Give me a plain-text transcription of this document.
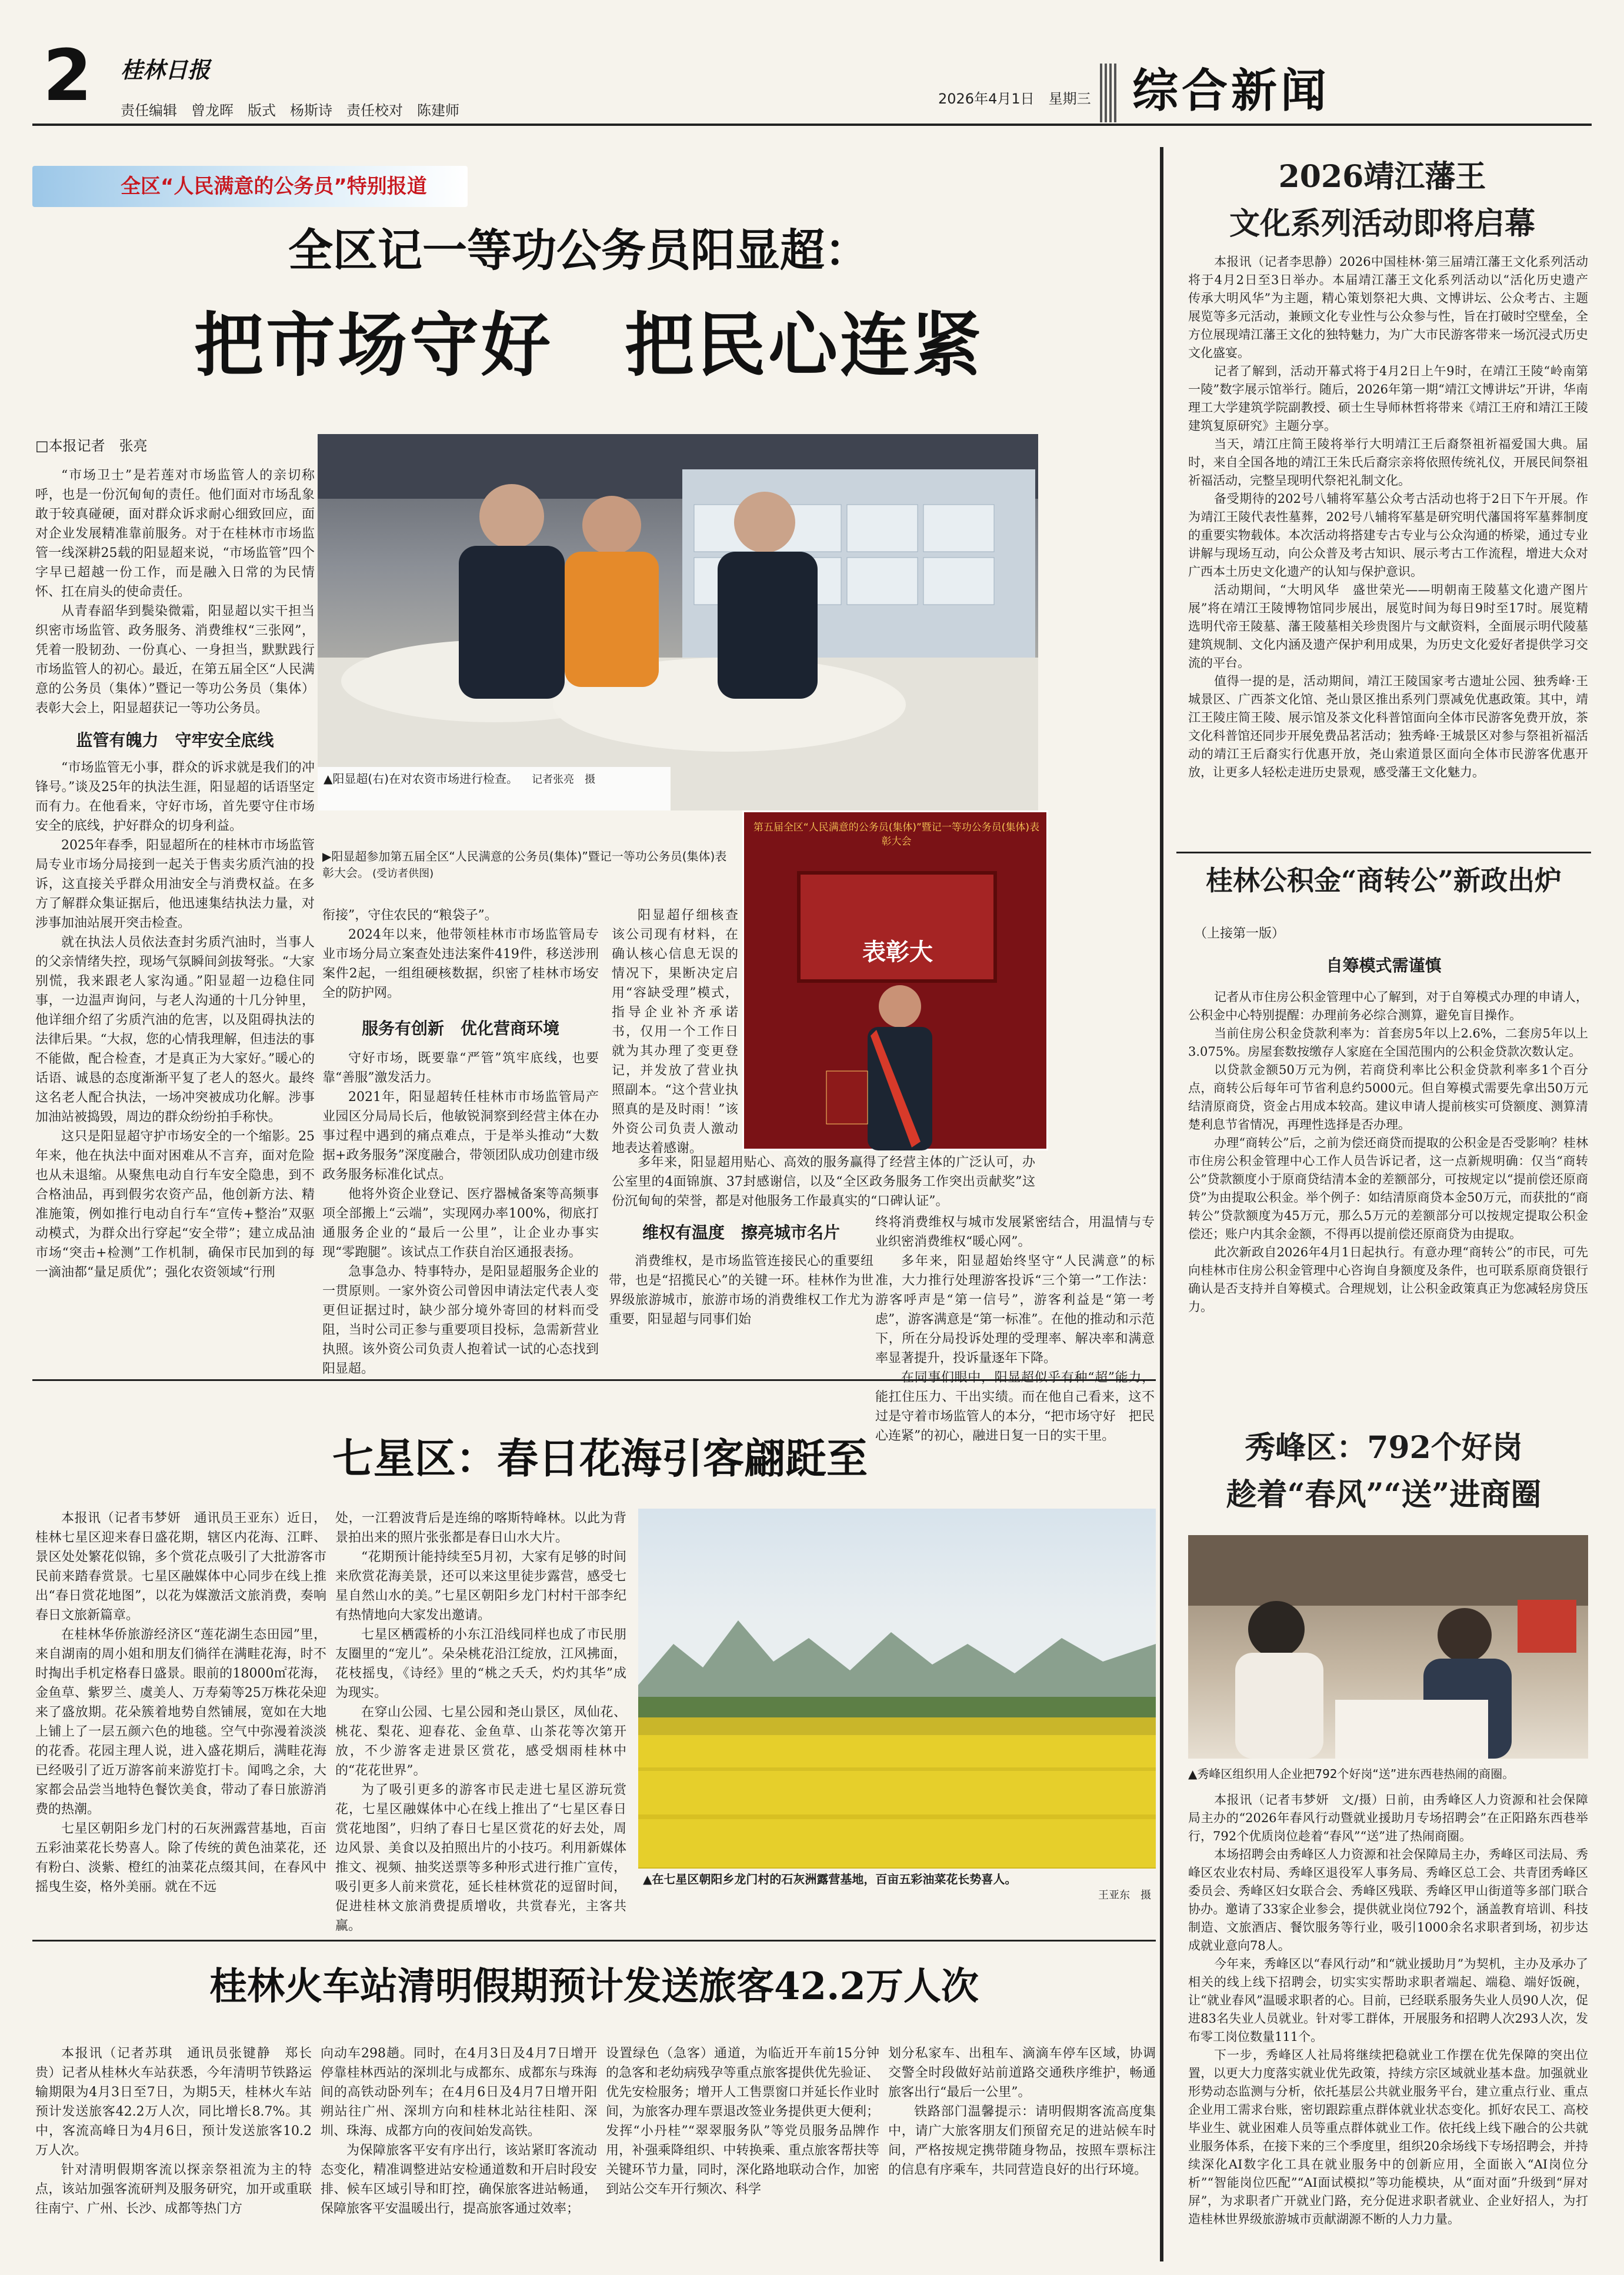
2 桂林日报
责任编辑　曾龙晖　版式　杨斯诗　责任校对　陈建师
2026年4月1日　星期三 综合新闻
全区“人民满意的公务员”特别报道
全区记一等功公务员阳显超：
把市场守好　把民心连紧
□本报记者　张亮

“市场卫士”是若莲对市场监管人的亲切称呼，也是一份沉甸甸的责任。他们面对市场乱象敢于较真碰硬，面对群众诉求耐心细致回应，面对企业发展精准靠前服务。对于在桂林市市场监管一线深耕25载的阳显超来说，“市场监管”四个字早已超越一份工作，而是融入日常的为民情怀、扛在肩头的使命责任。

从青春韶华到鬓染微霜，阳显超以实干担当织密市场监管、政务服务、消费维权“三张网”，凭着一股韧劲、一份真心、一身担当，默默践行市场监管人的初心。最近，在第五届全区“人民满意的公务员（集体）”暨记一等功公务员（集体）表彰大会上，阳显超获记一等功公务员。

监管有魄力　守牢安全底线

“市场监管无小事，群众的诉求就是我们的冲锋号。”谈及25年的执法生涯，阳显超的话语坚定而有力。在他看来，守好市场，首先要守住市场安全的底线，护好群众的切身利益。

2025年春季，阳显超所在的桂林市市场监管局专业市场分局接到一起关于售卖劣质汽油的投诉，这直接关乎群众用油安全与消费权益。在多方了解群众集证据后，他迅速集结执法力量，对涉事加油站展开突击检查。

就在执法人员依法查封劣质汽油时，当事人的父亲情绪失控，现场气氛瞬间剑拔弩张。“大家别慌，我来跟老人家沟通。”阳显超一边稳住同事，一边温声询问，与老人沟通的十几分钟里，他详细介绍了劣质汽油的危害，以及阻碍执法的法律后果。“大叔，您的心情我理解，但违法的事不能做，配合检查，才是真正为大家好。”暖心的话语、诚恳的态度渐渐平复了老人的怒火。最终这名老人配合执法，一场冲突被成功化解。涉事加油站被捣毁，周边的群众纷纷拍手称快。

这只是阳显超守护市场安全的一个缩影。25年来，他在执法中面对困难从不言弃，面对危险也从未退缩。从聚焦电动自行车安全隐患，到不合格油品，再到假劣农资产品，他创新方法、精准施策，例如推行电动自行车“宣传+整治”双驱动模式，为群众出行穿起“安全带”；建立成品油市场“突击+检测”工作机制，确保市民加到的每一滴油都“量足质优”；强化农资领域“行刑

▲阳显超(右)在对农资市场进行检查。 记者张亮　摄
▶阳显超参加第五届全区“人民满意的公务员(集体)”暨记一等功公务员(集体)表彰大会。 (受访者供图)
第五届全区“人民满意的公务员(集体)”暨记一等功公务员(集体)表彰大会
表彰大

衔接”，守住农民的“粮袋子”。

2024年以来，他带领桂林市市场监管局专业市场分局立案查处违法案件419件，移送涉刑案件2起，一组组硬核数据，织密了桂林市场安全的防护网。

服务有创新　优化营商环境

守好市场，既要靠“严管”筑牢底线，也要靠“善服”激发活力。

2021年，阳显超转任桂林市市场监管局产业园区分局局长后，他敏锐洞察到经营主体在办事过程中遇到的痛点难点，于是举头推动“大数据+政务服务”深度融合，带领团队成功创建市级政务服务标准化试点。

他将外资企业登记、医疗器械备案等高频事项全部搬上“云端”，实现网办率100%，彻底打通服务企业的“最后一公里”，让企业办事实现“零跑腿”。该试点工作获自治区通报表扬。

急事急办、特事特办，是阳显超服务企业的一贯原则。一家外资公司曾因申请法定代表人变更但证据过时，缺少部分境外寄回的材料而受阻，当时公司正参与重要项目投标，急需新营业执照。该外资公司负责人抱着试一试的心态找到阳显超。

阳显超仔细核查该公司现有材料，在确认核心信息无误的情况下，果断决定启用“容缺受理”模式，指导企业补齐承诺书，仅用一个工作日就为其办理了变更登记，并发放了营业执照副本。“这个营业执照真的是及时雨！”该外资公司负责人激动地表达着感谢。

多年来，阳显超用贴心、高效的服务赢得了经营主体的广泛认可，办公室里的4面锦旗、37封感谢信，以及“全区政务服务工作突出贡献奖”这份沉甸甸的荣誉，都是对他服务工作最真实的“口碑认证”。

维权有温度　擦亮城市名片

消费维权，是市场监管连接民心的重要纽带，也是“招揽民心”的关键一环。桂林作为世界级旅游城市，旅游市场的消费维权工作尤为重要，阳显超与同事们始

七星区：春日花海引客翩跹至

本报讯（记者韦梦妍　通讯员王亚东）近日，桂林七星区迎来春日盛花期，辖区内花海、江畔、景区处处繁花似锦，多个赏花点吸引了大批游客市民前来踏春赏景。七星区融媒体中心同步在线上推出“春日赏花地图”，以花为媒激活文旅消费，奏响春日文旅新篇章。

在桂林华侨旅游经济区“莲花湖生态田园”里，来自湖南的周小姐和朋友们徜徉在满畦花海，时不时掏出手机定格春日盛景。眼前的18000㎡花海，金鱼草、紫罗兰、虞美人、万寿菊等25万株花朵迎来了盛放期。花朵簇着地势自然铺展，宽如在大地上铺上了一层五颜六色的地毯。空气中弥漫着淡淡的花香。花园主理人说，进入盛花期后，满畦花海已经吸引了近万游客前来游览打卡。闻鸣之余，大家都会品尝当地特色餐饮美食，带动了春日旅游消费的热潮。

七星区朝阳乡龙门村的石灰洲露营基地，百亩五彩油菜花长势喜人。除了传统的黄色油菜花，还有粉白、淡紫、橙红的油菜花点缀其间，在春风中摇曳生姿，格外美丽。就在不远

处，一江碧波背后是连绵的喀斯特峰林。以此为背景拍出来的照片张张都是春日山水大片。

“花期预计能持续至5月初，大家有足够的时间来欣赏花海美景，还可以来这里徒步露营，感受七星自然山水的美。”七星区朝阳乡龙门村村干部李纪有热情地向大家发出邀请。

七星区栖霞桥的小东江沿线同样也成了市民朋友圈里的“宠儿”。朵朵桃花沿江绽放，江风拂面，花枝摇曳，《诗经》里的“桃之夭夭，灼灼其华”成为现实。

在穿山公园、七星公园和尧山景区，凤仙花、桃花、梨花、迎春花、金鱼草、山茶花等次第开放，不少游客走进景区赏花，感受烟雨桂林中的“花花世界”。

为了吸引更多的游客市民走进七星区游玩赏花，七星区融媒体中心在线上推出了“七星区春日赏花地图”，归纳了春日七星区赏花的好去处，周边风景、美食以及拍照出片的小技巧。利用新媒体推文、视频、抽奖送票等多种形式进行推广宣传，吸引更多人前来赏花，延长桂林赏花的逗留时间，促进桂林文旅消费提质增收，共赏春光，主客共赢。

▲在七星区朝阳乡龙门村的石灰洲露营基地，百亩五彩油菜花长势喜人。
王亚东　摄
桂林火车站清明假期预计发送旅客42.2万人次

本报讯（记者苏琪　通讯员张键静　郑长贵）记者从桂林火车站获悉，今年清明节铁路运输期限为4月3日至7日，为期5天，桂林火车站预计发送旅客42.2万人次，同比增长8.7%。其中，客流高峰日为4月6日，预计发送旅客10.2万人次。

针对清明假期客流以探亲祭祖流为主的特点，该站加强客流研判及服务研究，加开或重联往南宁、广州、长沙、成都等热门方

向动车298趟。同时，在4月3日及4月7日增开停靠桂林西站的深圳北与成都东、成都东与珠海间的高铁动卧列车；在4月6日及4月7日增开阳朔站往广州、深圳方向和桂林北站往桂阳、深圳、珠海、成都方向的夜间始发高铁。

为保障旅客平安有序出行，该站紧盯客流动态变化，精准调整进站安检通道数和开启时段安排、候车区域引导和盯控，确保旅客进站畅通，保障旅客平安温暖出行，提高旅客通过效率；

设置绿色（急客）通道，为临近开车前15分钟的急客和老幼病残孕等重点旅客提供优先验证、优先安检服务；增开人工售票窗口并延长作业时间，为旅客办理车票退改签业务提供更大便利；发挥“小丹桂”“翠翠服务队”等党员服务品牌作用，补强乘降组织、中转换乘、重点旅客帮扶等关键环节力量，同时，深化路地联动合作，加密到站公交车开行频次、科学

划分私家车、出租车、滴滴车停车区域，协调交警全时段做好站前道路交通秩序维护，畅通旅客出行“最后一公里”。

铁路部门温馨提示：请明假期客流高度集中，请广大旅客朋友们预留充足的进站候车时间，严格按规定携带随身物品，按照车票标注的信息有序乘车，共同营造良好的出行环境。

2026靖江藩王
文化系列活动即将启幕

本报讯（记者李思静）2026中国桂林·第三届靖江藩王文化系列活动将于4月2日至3日举办。本届靖江藩王文化系列活动以“活化历史遗产　传承大明风华”为主题，精心策划祭祀大典、文博讲坛、公众考古、主题展览等多元活动，兼顾文化专业性与公众参与性，旨在打破时空壁垒，全方位展现靖江藩王文化的独特魅力，为广大市民游客带来一场沉浸式历史文化盛宴。

记者了解到，活动开幕式将于4月2日上午9时，在靖江王陵“岭南第一陵”数字展示馆举行。随后，2026年第一期“靖江文博讲坛”开讲，华南理工大学建筑学院副教授、硕士生导师林哲将带来《靖江王府和靖江王陵建筑复原研究》主题分享。

当天，靖江庄简王陵将举行大明靖江王后裔祭祖祈福爱国大典。届时，来自全国各地的靖江王朱氏后裔宗亲将依照传统礼仪，开展民间祭祖祈福活动，完整呈现明代祭祀礼制文化。

备受期待的202号八辅将军墓公众考古活动也将于2日下午开展。作为靖江王陵代表性墓葬，202号八辅将军墓是研究明代藩国将军墓葬制度的重要实物载体。本次活动将搭建专古专业与公众沟通的桥梁，通过专业讲解与现场互动，向公众普及考古知识、展示考古工作流程，增进大众对广西本土历史文化遗产的认知与保护意识。

活动期间，“大明风华　盛世荣光——明朝南王陵墓文化遗产图片展”将在靖江王陵博物馆同步展出，展览时间为每日9时至17时。展览精选明代帝王陵墓、藩王陵墓相关珍贵图片与文献资料，全面展示明代陵墓建筑规制、文化内涵及遗产保护利用成果，为历史文化爱好者提供学习交流的平台。

值得一提的是，活动期间，靖江王陵国家考古遗址公园、独秀峰·王城景区、广西茶文化馆、尧山景区推出系列门票减免优惠政策。其中，靖江王陵庄简王陵、展示馆及茶文化科普馆面向全体市民游客免费开放，茶文化科普馆还同步开展免费品茗活动；独秀峰·王城景区对参与祭祖祈福活动的靖江王后裔实行优惠开放，尧山索道景区面向全体市民游客优惠开放，让更多人轻松走进历史景观，感受藩王文化魅力。

桂林公积金“商转公”新政出炉
（上接第一版）
自筹模式需谨慎

记者从市住房公积金管理中心了解到，对于自筹模式办理的申请人，公积金中心特别提醒：办理前务必综合测算，避免盲目操作。

当前住房公积金贷款利率为：首套房5年以上2.6%，二套房5年以上3.075%。房屋套数按缴存人家庭在全国范围内的公积金贷款次数认定。

以贷款金额50万元为例，若商贷利率比公积金贷款利率多1个百分点，商转公后每年可节省利息约5000元。但自筹模式需要先拿出50万元结清原商贷，资金占用成本较高。建议申请人提前核实可贷额度、测算清楚利息节省情况，再理性选择是否办理。

办理“商转公”后，之前为偿还商贷而提取的公积金是否受影响？桂林市住房公积金管理中心工作人员告诉记者，这一点新规明确：仅当“商转公”贷款额度小于原商贷结清本金的差额部分，可按规定以“提前偿还原商贷”为由提取公积金。举个例子：如结清原商贷本金50万元，而获批的“商转公”贷款额度为45万元，那么5万元的差额部分可以按规定提取公积金偿还；账户内其余金额，不得再以提前偿还原商贷为由提取。

此次新政自2026年4月1日起执行。有意办理“商转公”的市民，可先向桂林市住房公积金管理中心咨询自身额度及条件，也可联系原商贷银行确认是否支持并自筹模式。合理规划，让公积金政策真正为您减轻房贷压力。

秀峰区：792个好岗
趁着“春风”“送”进商圈
▲秀峰区组织用人企业把792个好岗“送”进东西巷热闹的商圈。

本报讯（记者韦梦妍　文/摄）日前，由秀峰区人力资源和社会保障局主办的“2026年春风行动暨就业援助月专场招聘会”在正阳路东西巷举行，792个优质岗位趁着“春风”“送”进了热闹商圈。

本场招聘会由秀峰区人力资源和社会保障局主办，秀峰区司法局、秀峰区农业农村局、秀峰区退役军人事务局、秀峰区总工会、共青团秀峰区委员会、秀峰区妇女联合会、秀峰区残联、秀峰区甲山街道等多部门联合协办。邀请了33家企业参会，提供就业岗位792个，涵盖教育培训、科技制造、文旅酒店、餐饮服务等行业，吸引1000余名求职者到场，初步达成就业意向78人。

今年来，秀峰区以“春风行动”和“就业援助月”为契机，主办及承办了相关的线上线下招聘会，切实实实帮助求职者端起、端稳、端好饭碗，让“就业春风”温暖求职者的心。目前，已经联系服务失业人员90人次，促进83名失业人员就业。针对零工群体，开展服务和招聘人次293人次，发布零工岗位数量111个。

下一步，秀峰区人社局将继续把稳就业工作摆在优先保障的突出位置，以更大力度落实就业优先政策，持续方宗区域就业基本盘。加强就业形势动态监测与分析，依托基层公共就业服务平台，建立重点行业、重点企业用工需求台账，密切跟踪重点群体就业状态变化。抓好农民工、高校毕业生、就业困难人员等重点群体就业工作。依托线上线下融合的公共就业服务体系，在接下来的三个季度里，组织20余场线下专场招聘会，并持续深化AI数字化工具在就业服务中的创新应用，全面嵌入“AI岗位分析”“智能岗位匹配”“AI面试模拟”等功能模块，从“面对面”升级到“屏对屏”，为求职者广开就业门路，充分促进求职者就业、企业好招人，为打造桂林世界级旅游城市贡献湖源不断的人力力量。

终将消费维权与城市发展紧密结合，用温情与专业织密消费维权“暖心网”。

多年来，阳显超始终坚守“人民满意”的标准，大力推行处理游客投诉“三个第一”工作法：游客呼声是“第一信号”，游客利益是“第一考虑”，游客满意是“第一标准”。在他的推动和示范下，所在分局投诉处理的受理率、解决率和满意率显著提升，投诉量逐年下降。

在同事们眼中，阳显超似乎有种“超”能力，能扛住压力、干出实绩。而在他自己看来，这不过是守着市场监管人的本分，“把市场守好　把民心连紧”的初心，融进日复一日的实干里。
